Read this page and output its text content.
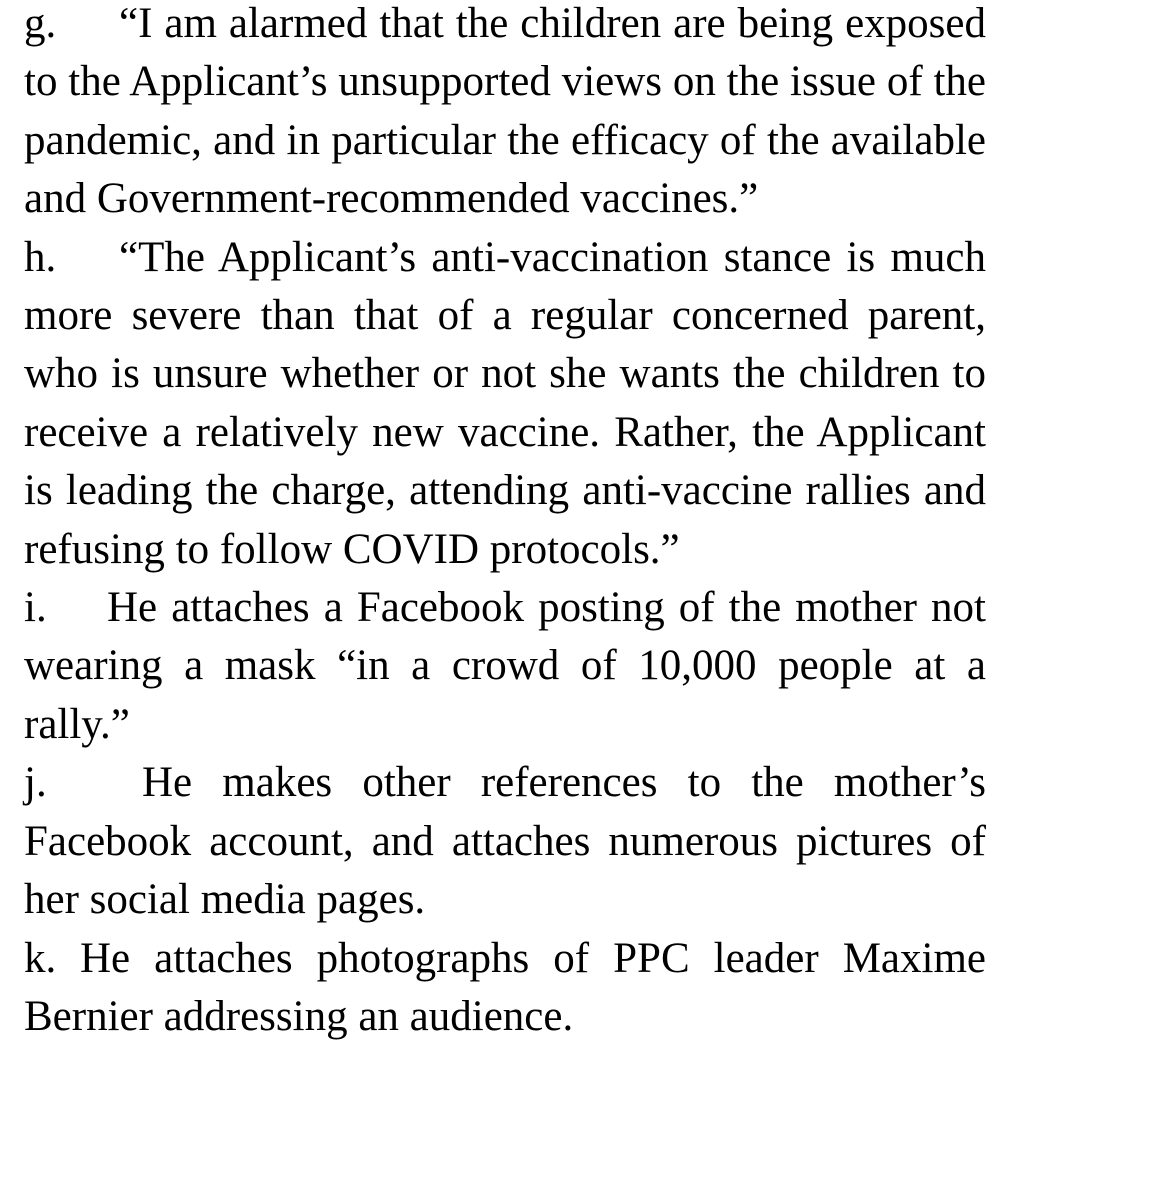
g. “I am alarmed that the children are being exposed to the Applicant’s unsupported views on the issue of the pandemic, and in particular the efficacy of the available and Government-recommended vaccines.”

h. “The Applicant’s anti-vaccination stance is much more severe than that of a regular concerned parent, who is unsure whether or not she wants the children to receive a relatively new vaccine. Rather, the Applicant is leading the charge, attending anti-vaccine rallies and refusing to follow COVID protocols.”

i. He attaches a Facebook posting of the mother not wearing a mask “in a crowd of 10,000 people at a rally.”

j. He makes other references to the mother’s Facebook account, and attaches numerous pictures of her social media pages.

k. He attaches photographs of PPC leader Maxime Bernier addressing an audience.
